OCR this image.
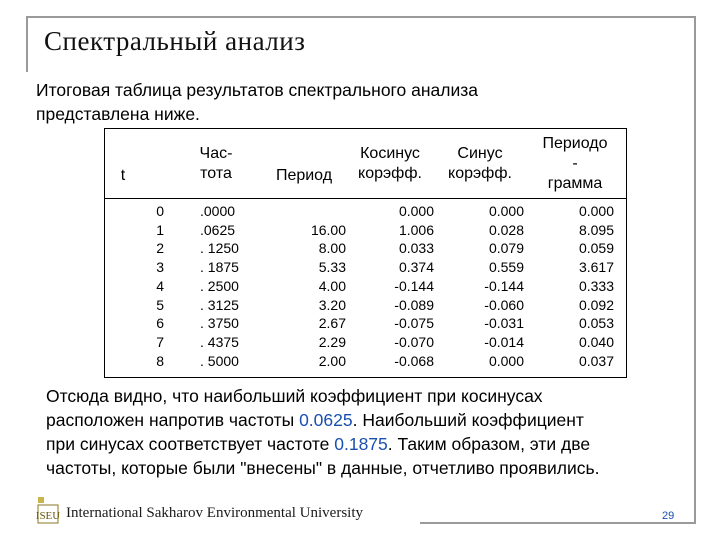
Спектральный анализ
Итоговая таблица результатов спектрального анализа
представлена ниже.
t
Час-
тота	Период
Косинус
корэфф.
Синус
корэфф.
Периодо
-
грамма
0
1
2
3
4
5
6
7
8
.0000
.0625
. 1250
. 1875
. 2500
. 3125
. 3750
. 4375
. 5000

16.00
8.00
5.33
4.00
3.20
2.67
2.29
2.00
0.000
1.006
0.033
0.374
-0.144
-0.089
-0.075
-0.070
-0.068
0.000
0.028
0.079
0.559
-0.144
-0.060
-0.031
-0.014
0.000
0.000
8.095
0.059
3.617
0.333
0.092
0.053
0.040
0.037
Отсюда видно, что наибольший коэффициент при косинусах
расположен напротив частоты 0.0625. Наибольший коэффициент
при синусах соответствует частоте 0.1875. Таким образом, эти две
частоты, которые были "внесены" в данные, отчетливо проявились.
ISEU International Sakharov Environmental University	29
